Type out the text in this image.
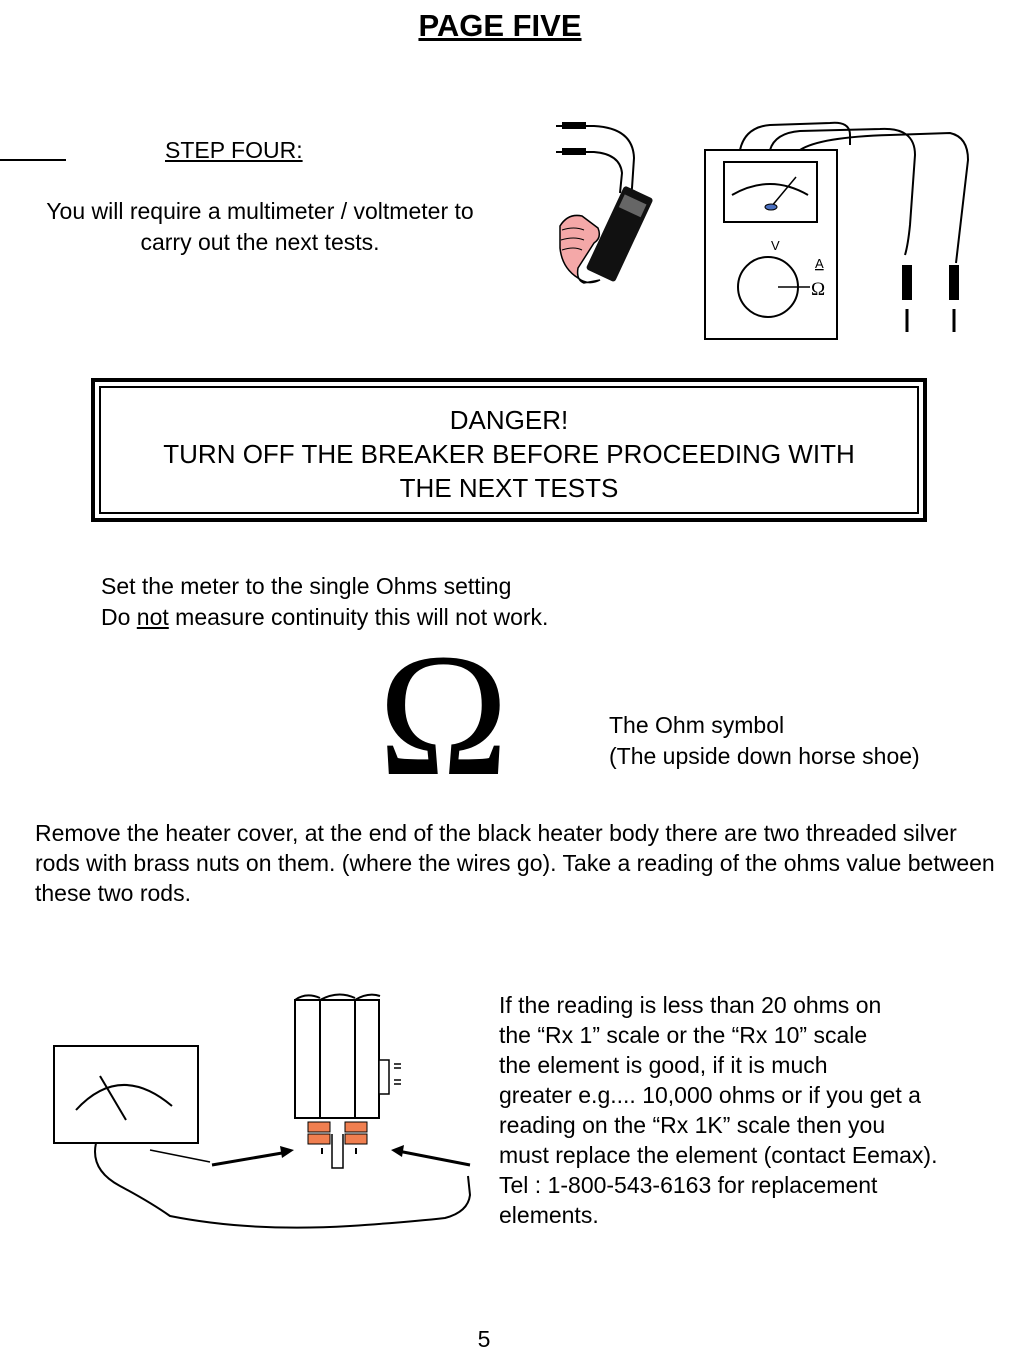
PAGE FIVE
STEP FOUR:
You will require a multimeter / voltmeter to
carry out the next tests.	V
A
Ω
DANGER!
TURN OFF THE BREAKER BEFORE PROCEEDING WITH
THE NEXT TESTS
Set the meter to the single Ohms setting
Do not measure continuity this will not work.
Ω	The Ohm symbol
(The upside down horse shoe)
Remove the heater cover, at the end of the black heater body there are two threaded silver rods with brass nuts on them. (where the wires go). Take a reading of the ohms value between these two rods.
If the reading is less than 20 ohms on
the “Rx 1” scale or the “Rx 10” scale
the element is good, if it is much
greater e.g.... 10,000 ohms or if you get a
reading on the “Rx 1K” scale then you
must replace the element (contact Eemax).
Tel : 1-800-543-6163 for replacement
elements.
5
